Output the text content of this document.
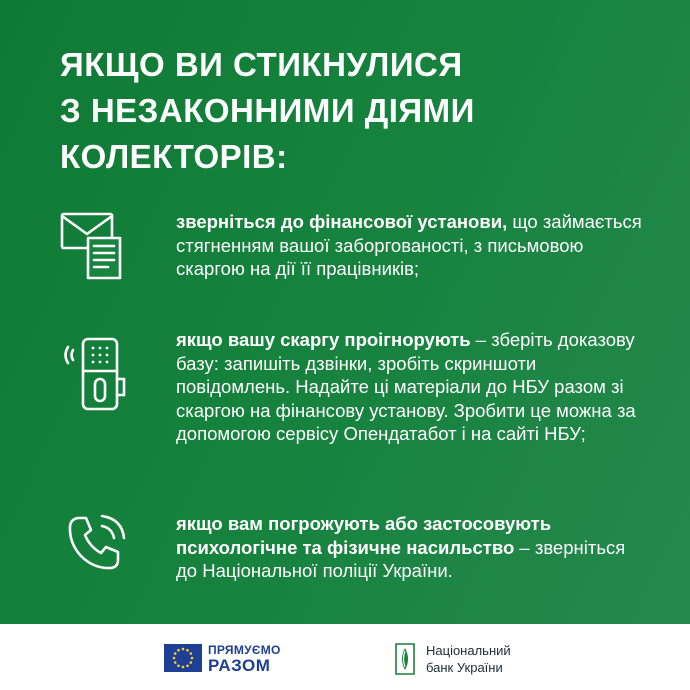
ЯКЩО ВИ СТИКНУЛИСЯ
З НЕЗАКОННИМИ ДІЯМИ
КОЛЕКТОРІВ:

зверніться до фінансової установи, що займається стягненням вашої заборгованості, з письмовою скаргою на дії її працівників;

якщо вашу скаргу проігнорують – зберіть доказову базу: запишіть дзвінки, зробіть скриншоти повідомлень. Надайте ці матеріали до НБУ разом зі скаргою на фінансову установу. Зробити це можна за допомогою сервісу Опендатабот і на сайті НБУ;

якщо вам погрожують або застосовують психологічне та фізичне насильство – зверніться до Національної поліції України.

ПРЯМУЄМО
РАЗОМ
Національний
банк України
